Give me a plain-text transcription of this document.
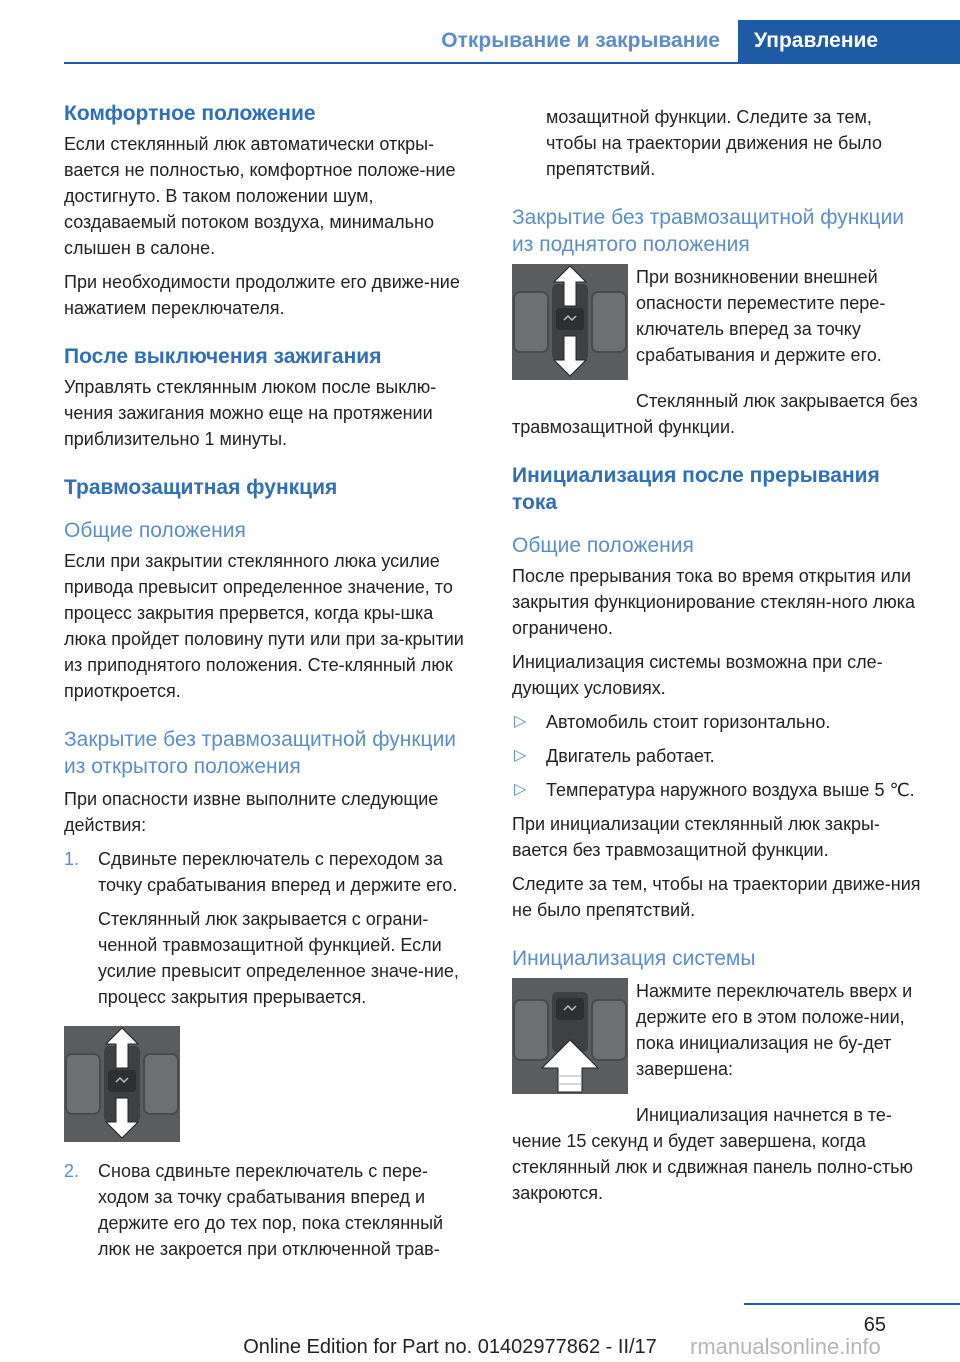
Открывание и закрывание	Управление
Комфортное положение

Если стеклянный люк автоматически откры-вается не полностью, комфортное положе-ние достигнуто. В таком положении шум, создаваемый потоком воздуха, минимально слышен в салоне.

При необходимости продолжите его движе-ние нажатием переключателя.

После выключения зажигания

Управлять стеклянным люком после выклю-чения зажигания можно еще на протяжении приблизительно 1 минуты.

Травмозащитная функция
Общие положения

Если при закрытии стеклянного люка усилие привода превысит определенное значение, то процесс закрытия прервется, когда кры-шка люка пройдет половину пути или при за-крытии из приподнятого положения. Сте-клянный люк приоткроется.

Закрытие без травмозащитной функции из открытого положения

При опасности извне выполните следующие действия:

1.	Сдвиньте переключатель с переходом за точку срабатывания вперед и держите его.

Стеклянный люк закрывается с ограни-ченной травмозащитной функцией. Если усилие превысит определенное значе-ние, процесс закрытия прерывается.

2.	Снова сдвиньте переключатель с пере-ходом за точку срабатывания вперед и держите его до тех пор, пока стеклянный люк не закроется при отключенной трав-

мозащитной функции. Следите за тем, чтобы на траектории движения не было препятствий.

Закрытие без травмозащитной функции из поднятого положения

При возникновении внешней опасности переместите пере-ключатель вперед за точку срабатывания и держите его.

Стеклянный люк закрывается без травмозащитной функции.

Инициализация после прерывания тока
Общие положения

После прерывания тока во время открытия или закрытия функционирование стеклян-ного люка ограничено.

Инициализация системы возможна при сле-дующих условиях.

▷	Автомобиль стоит горизонтально.

▷	Двигатель работает.

▷	Температура наружного воздуха выше 5 ℃.

При инициализации стеклянный люк закры-вается без травмозащитной функции.

Следите за тем, чтобы на траектории движе-ния не было препятствий.

Инициализация системы

Нажмите переключатель вверх и держите его в этом положе-нии, пока инициализация не бу-дет завершена:

Инициализация начнется в те-чение 15 секунд и будет завершена, когда стеклянный люк и сдвижная панель полно-стью закроются.

65
Online Edition for Part no. 01402977862 - II/17	rmanualsonline.info
